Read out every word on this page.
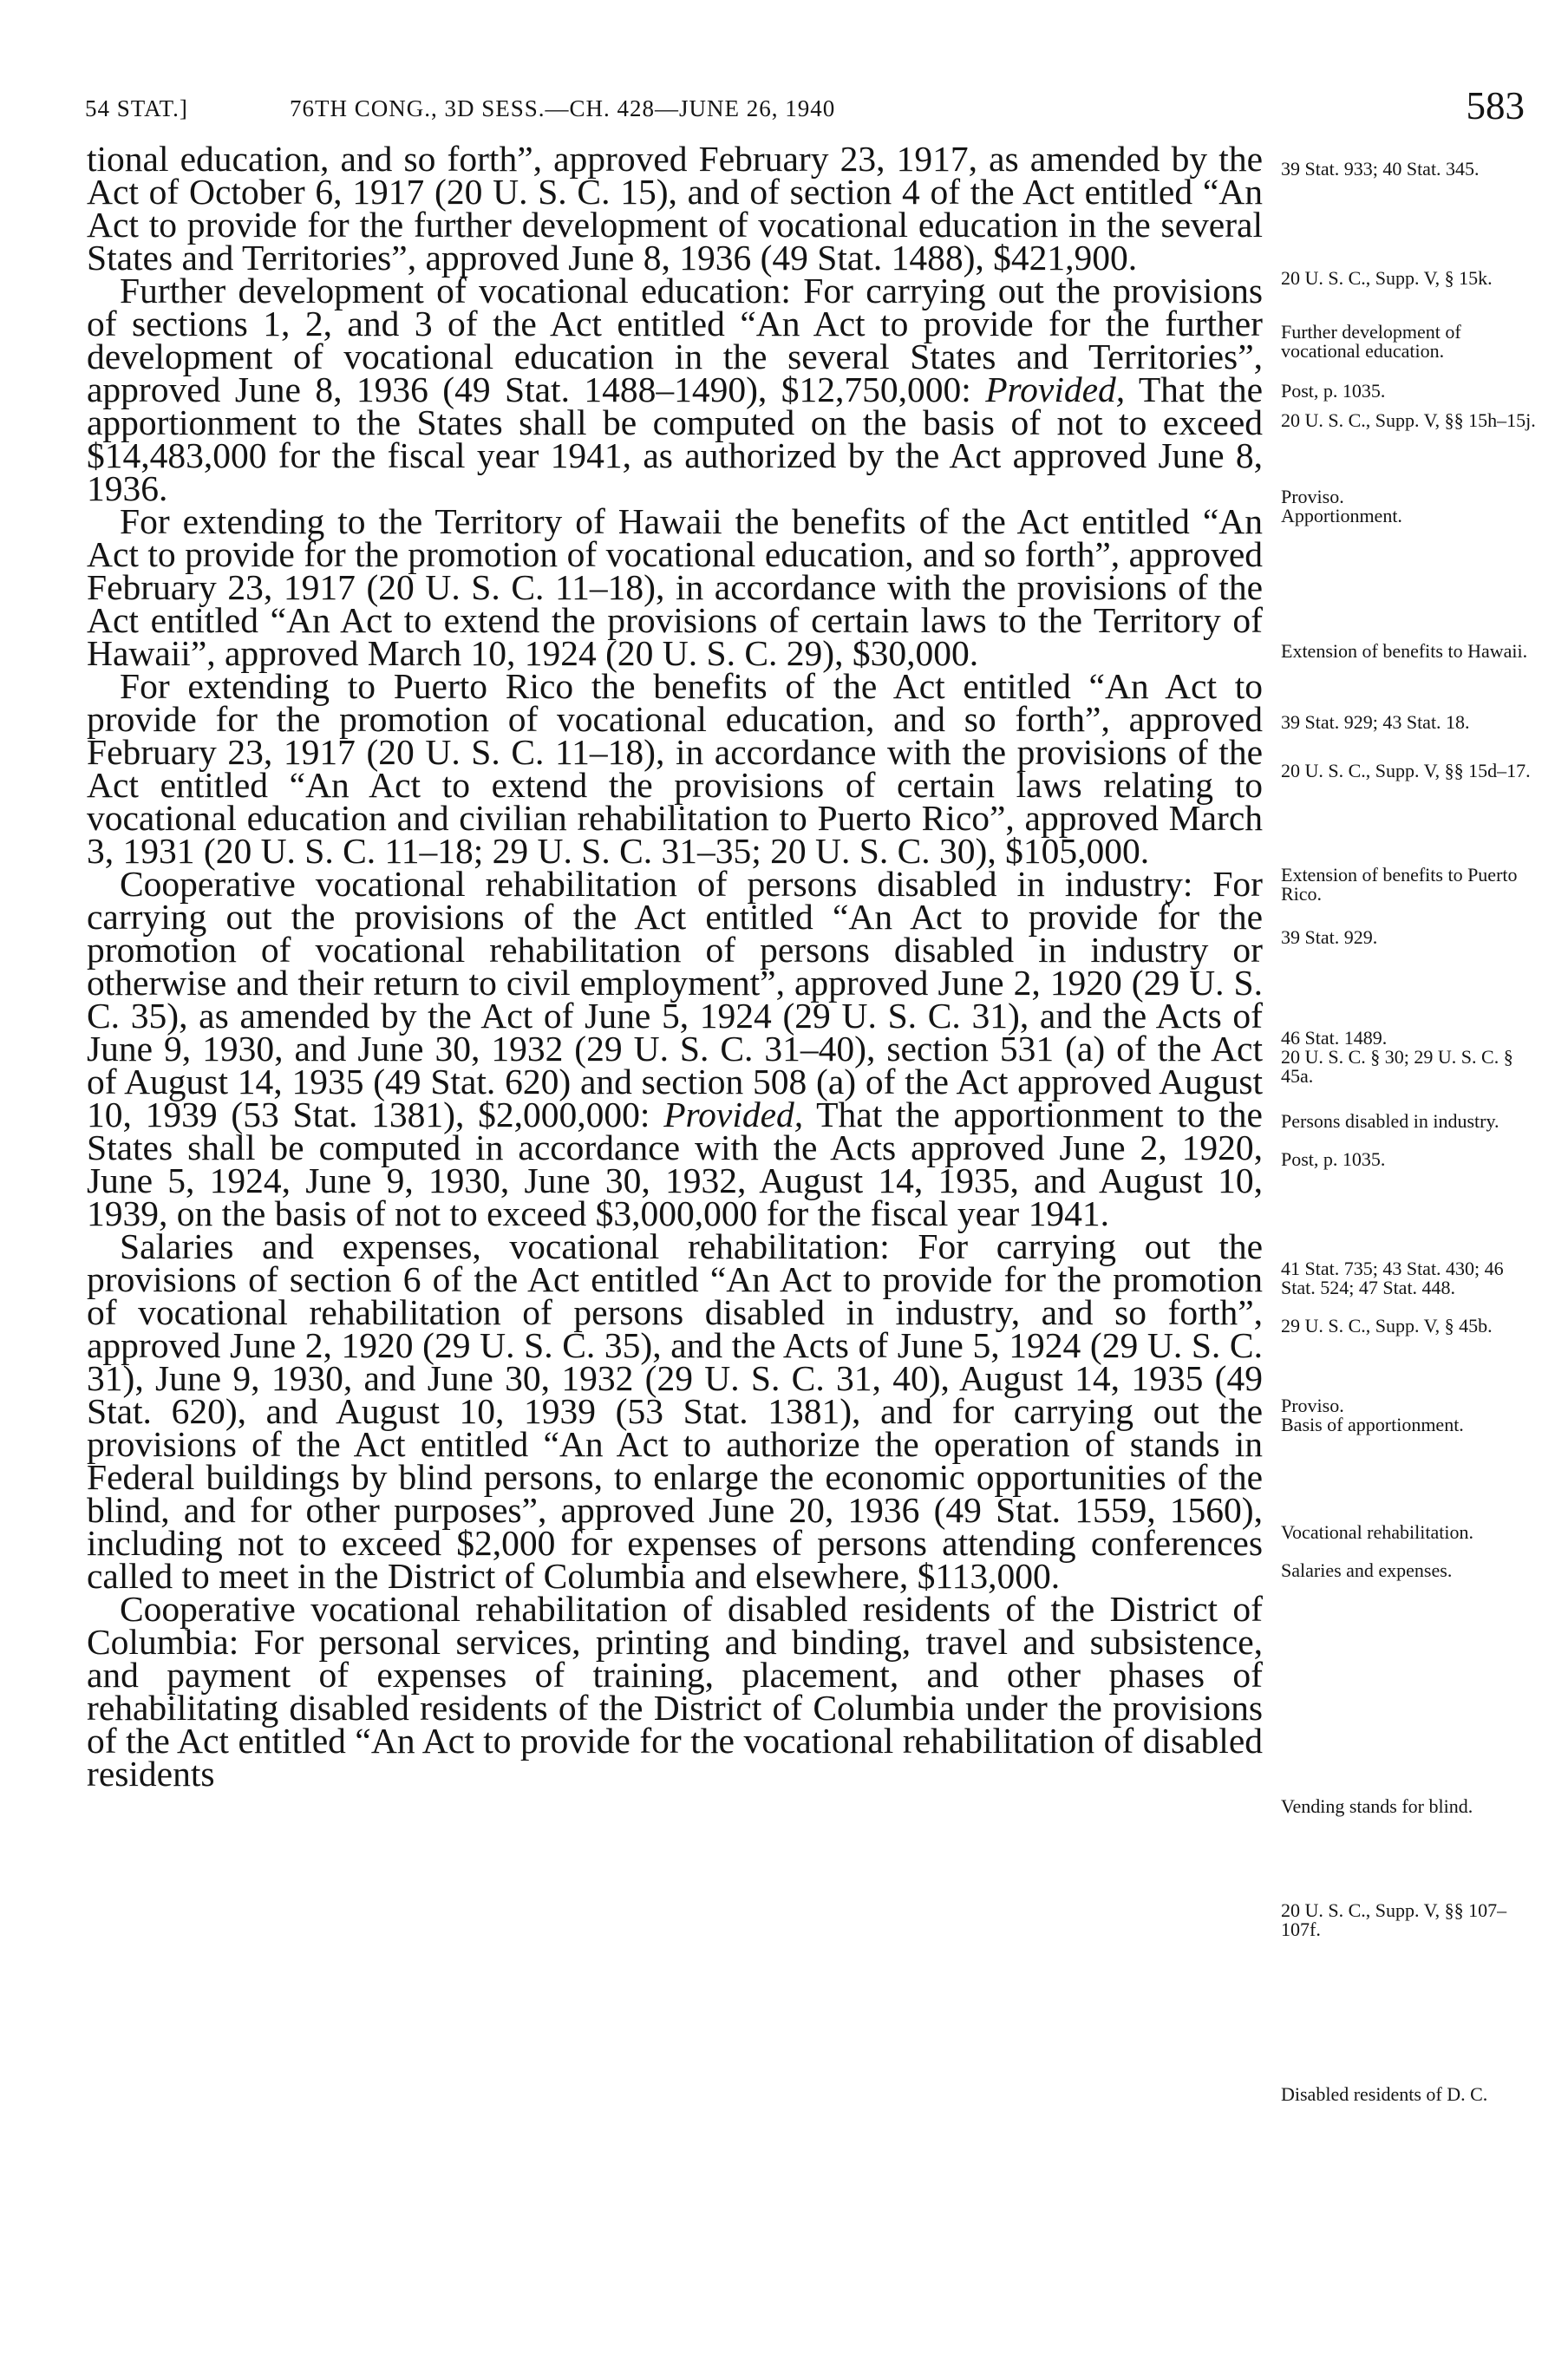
54 STAT.]	76TH CONG., 3D SESS.—CH. 428—JUNE 26, 1940	583

tional education, and so forth”, approved February 23, 1917, as amended by the Act of October 6, 1917 (20 U. S. C. 15), and of section 4 of the Act entitled “An Act to provide for the further development of vocational education in the several States and Territories”, approved June 8, 1936 (49 Stat. 1488), $421,900.

Further development of vocational education: For carrying out the provisions of sections 1, 2, and 3 of the Act entitled “An Act to provide for the further development of vocational education in the several States and Territories”, approved June 8, 1936 (49 Stat. 1488–1490), $12,750,000: Provided, That the apportionment to the States shall be computed on the basis of not to exceed $14,483,000 for the fiscal year 1941, as authorized by the Act approved June 8, 1936.

For extending to the Territory of Hawaii the benefits of the Act entitled “An Act to provide for the promotion of vocational education, and so forth”, approved February 23, 1917 (20 U. S. C. 11–18), in accordance with the provisions of the Act entitled “An Act to extend the provisions of certain laws to the Territory of Hawaii”, approved March 10, 1924 (20 U. S. C. 29), $30,000.

For extending to Puerto Rico the benefits of the Act entitled “An Act to provide for the promotion of vocational education, and so forth”, approved February 23, 1917 (20 U. S. C. 11–18), in accordance with the provisions of the Act entitled “An Act to extend the provisions of certain laws relating to vocational education and civilian rehabilitation to Puerto Rico”, approved March 3, 1931 (20 U. S. C. 11–18; 29 U. S. C. 31–35; 20 U. S. C. 30), $105,000.

Cooperative vocational rehabilitation of persons disabled in industry: For carrying out the provisions of the Act entitled “An Act to provide for the promotion of vocational rehabilitation of persons disabled in industry or otherwise and their return to civil employment”, approved June 2, 1920 (29 U. S. C. 35), as amended by the Act of June 5, 1924 (29 U. S. C. 31), and the Acts of June 9, 1930, and June 30, 1932 (29 U. S. C. 31–40), section 531 (a) of the Act of August 14, 1935 (49 Stat. 620) and section 508 (a) of the Act approved August 10, 1939 (53 Stat. 1381), $2,000,000: Provided, That the apportionment to the States shall be computed in accordance with the Acts approved June 2, 1920, June 5, 1924, June 9, 1930, June 30, 1932, August 14, 1935, and August 10, 1939, on the basis of not to exceed $3,000,000 for the fiscal year 1941.

Salaries and expenses, vocational rehabilitation: For carrying out the provisions of section 6 of the Act entitled “An Act to provide for the promotion of vocational rehabilitation of persons disabled in industry, and so forth”, approved June 2, 1920 (29 U. S. C. 35), and the Acts of June 5, 1924 (29 U. S. C. 31), June 9, 1930, and June 30, 1932 (29 U. S. C. 31, 40), August 14, 1935 (49 Stat. 620), and August 10, 1939 (53 Stat. 1381), and for carrying out the provisions of the Act entitled “An Act to authorize the operation of stands in Federal buildings by blind persons, to enlarge the economic opportunities of the blind, and for other purposes”, approved June 20, 1936 (49 Stat. 1559, 1560), including not to exceed $2,000 for expenses of persons attending conferences called to meet in the District of Columbia and elsewhere, $113,000.

Cooperative vocational rehabilitation of disabled residents of the District of Columbia: For personal services, printing and binding, travel and subsistence, and payment of expenses of training, placement, and other phases of rehabilitating disabled residents of the District of Columbia under the provisions of the Act entitled “An Act to provide for the vocational rehabilitation of disabled residents

39 Stat. 933; 40 Stat. 345.
20 U. S. C., Supp. V, § 15k.
Further development of vocational education.
Post, p. 1035.
20 U. S. C., Supp. V, §§ 15h–15j.
Proviso.
Apportionment.
Extension of benefits to Hawaii.
39 Stat. 929; 43 Stat. 18.
20 U. S. C., Supp. V, §§ 15d–17.
Extension of benefits to Puerto Rico.
39 Stat. 929.
46 Stat. 1489.
20 U. S. C. § 30; 29 U. S. C. § 45a.
Persons disabled in industry.
Post, p. 1035.
41 Stat. 735; 43 Stat. 430; 46 Stat. 524; 47 Stat. 448.
29 U. S. C., Supp. V, § 45b.
Proviso.
Basis of apportionment.
Vocational rehabilitation.
Salaries and expenses.
Vending stands for blind.
20 U. S. C., Supp. V, §§ 107–107f.
Disabled residents of D. C.
